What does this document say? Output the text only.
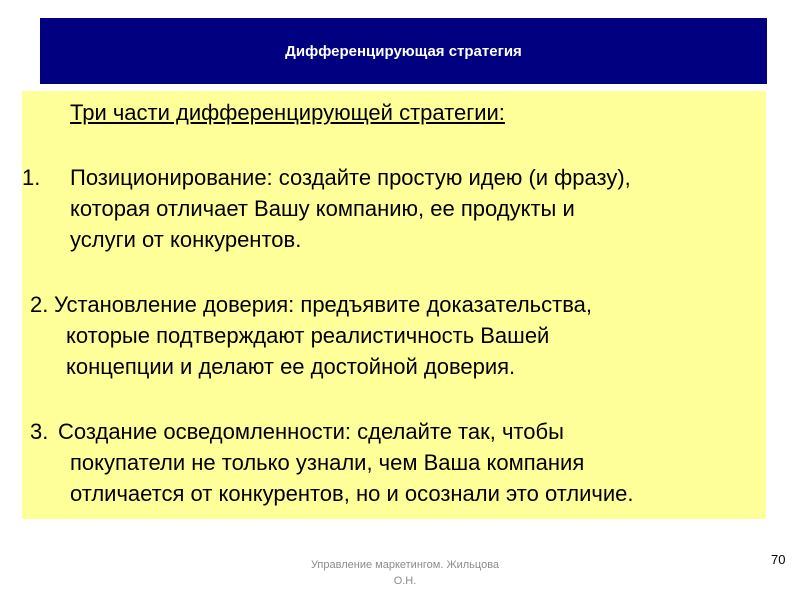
Дифференцирующая стратегия
Три части дифференцирующей стратегии:
1.	Позиционирование: создайте простую идею (и фразу),
которая отличает Вашу компанию, ее продукты и
услуги от конкурентов.
2. Установление доверия: предъявите доказательства,
которые подтверждают реалистичность Вашей
концепции и делают ее достойной доверия.
3. Создание осведомленности: сделайте так, чтобы
покупатели не только узнали, чем Ваша компания
отличается от конкурентов, но и осознали это отличие.
Управление маркетингом. Жильцова
О.Н.
70
